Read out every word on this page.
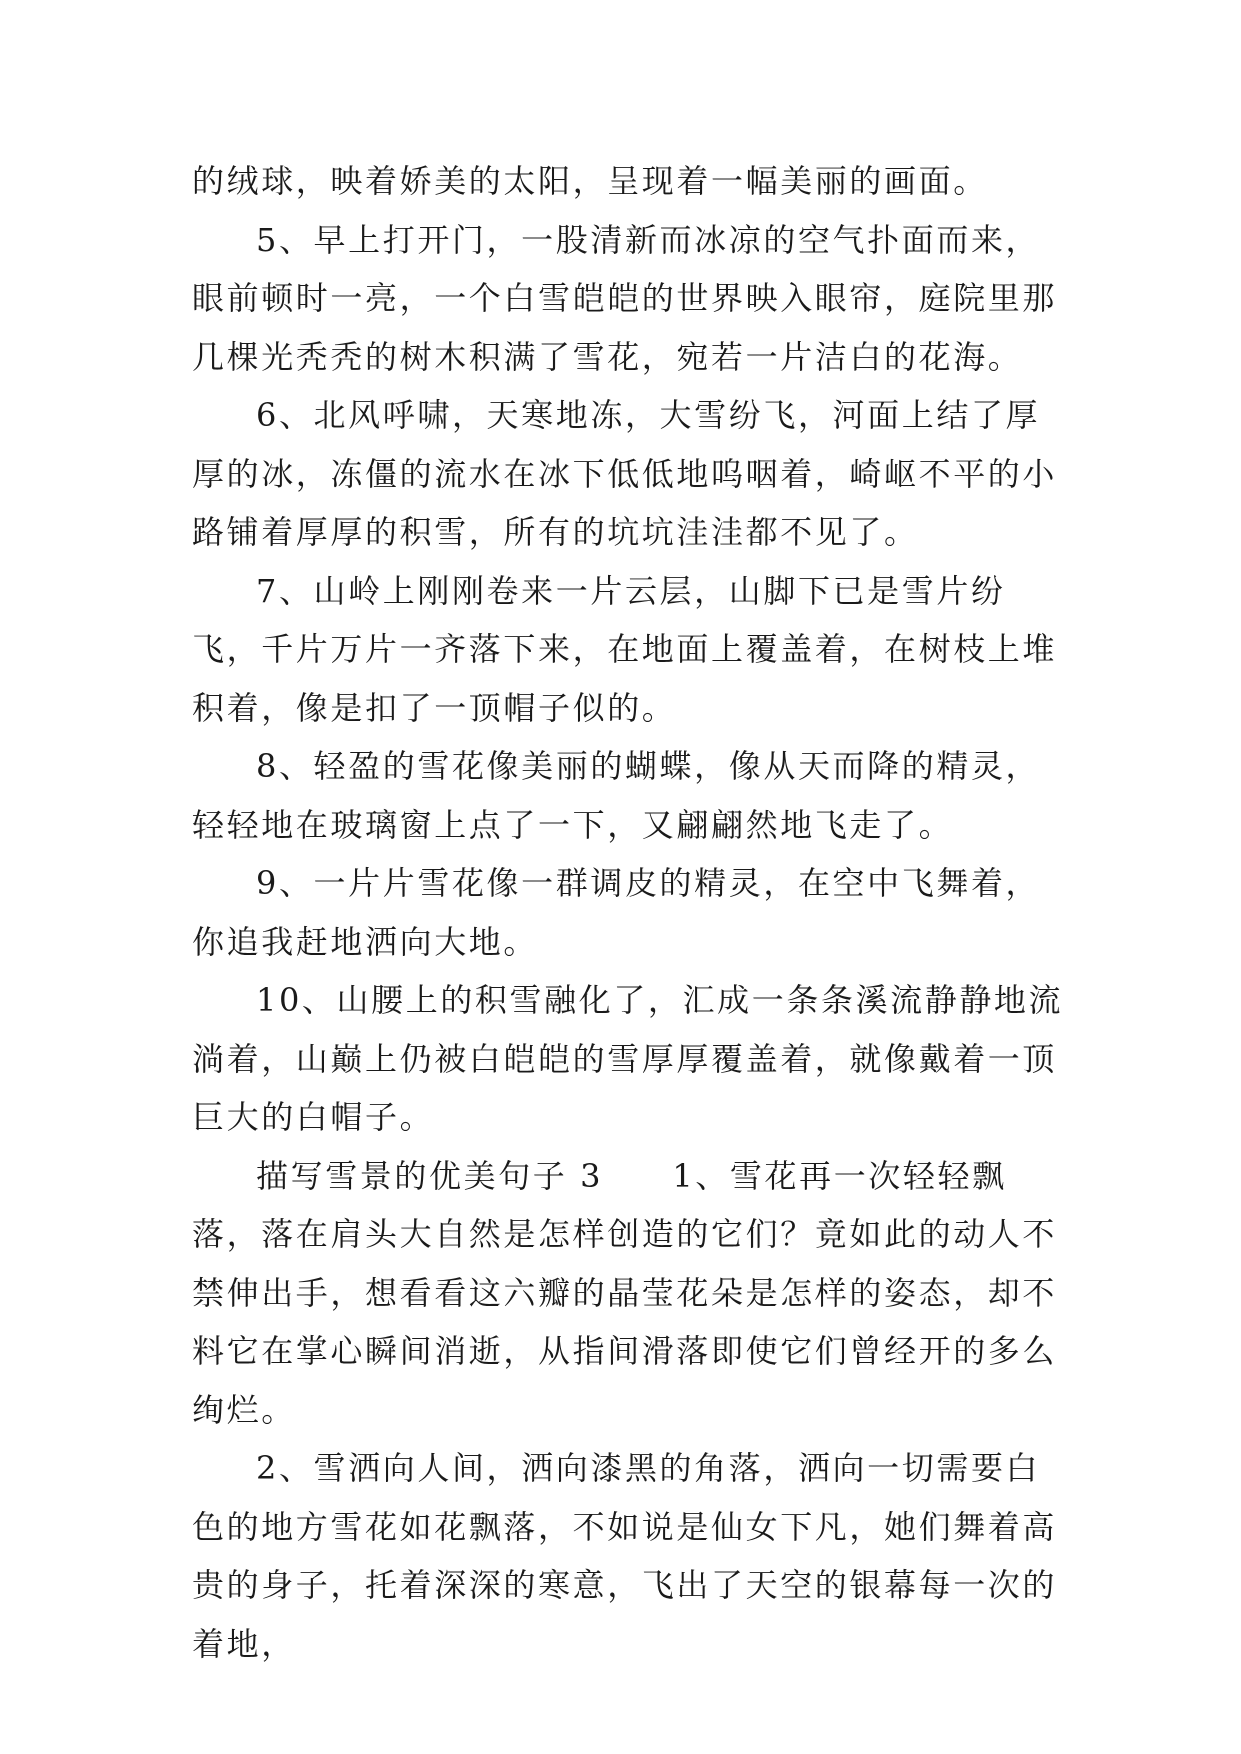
的绒球，映着娇美的太阳，呈现着一幅美丽的画面。

5、早上打开门，一股清新而冰凉的空气扑面而来，眼前顿时一亮，一个白雪皑皑的世界映入眼帘，庭院里那几棵光秃秃的树木积满了雪花，宛若一片洁白的花海。

6、北风呼啸，天寒地冻，大雪纷飞，河面上结了厚厚的冰，冻僵的流水在冰下低低地呜咽着，崎岖不平的小路铺着厚厚的积雪，所有的坑坑洼洼都不见了。

7、山岭上刚刚卷来一片云层，山脚下已是雪片纷飞，千片万片一齐落下来，在地面上覆盖着，在树枝上堆积着，像是扣了一顶帽子似的。

8、轻盈的雪花像美丽的蝴蝶，像从天而降的精灵，轻轻地在玻璃窗上点了一下，又翩翩然地飞走了。

9、一片片雪花像一群调皮的精灵，在空中飞舞着，你追我赶地洒向大地。

10、山腰上的积雪融化了，汇成一条条溪流静静地流淌着，山巅上仍被白皑皑的雪厚厚覆盖着，就像戴着一顶巨大的白帽子。

描写雪景的优美句子 3　　1、雪花再一次轻轻飘落，落在肩头大自然是怎样创造的它们？竟如此的动人不禁伸出手，想看看这六瓣的晶莹花朵是怎样的姿态，却不料它在掌心瞬间消逝，从指间滑落即使它们曾经开的多么绚烂。

2、雪洒向人间，洒向漆黑的角落，洒向一切需要白色的地方雪花如花飘落，不如说是仙女下凡，她们舞着高贵的身子，托着深深的寒意，飞出了天空的银幕每一次的着地，
